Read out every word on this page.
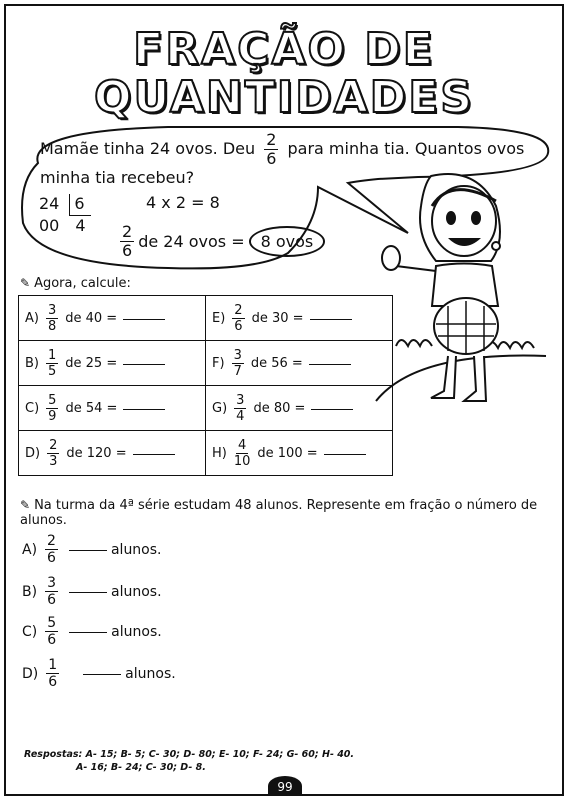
FRAÇÃO DE
QUANTIDADES
Mamãe tinha 24 ovos. Deu $\frac{2}{6}$ para minha tia. Quantos ovos
minha tia recebeu?
24 6
00	4
4 x 2 = 8
$\frac{2}{6}$ de 24 ovos =	8 ovos
✎ Agora, calcule:
$A) \frac{3}{8}$ de 40 =	$E) \frac{2}{6}$ de 30 =

$B) \frac{1}{5}$ de 25 =	$F) \frac{3}{7}$ de 56 =

$C) \frac{5}{9}$ de 54 =	$G) \frac{3}{4}$ de 80 =

$D) \frac{2}{3}$ de 120 =	$H) \frac{4}{10}$ de 100 =
✎ Na turma da 4ª série estudam 48 alunos. Represente em fração o número de alunos.
$A) \frac{2}{6}$	alunos.
$B) \frac{3}{6}$	alunos.
$C) \frac{5}{6}$	alunos.
$D) \frac{1}{6}$	alunos.
Respostas: A- 15; B- 5; C- 30; D- 80; E- 10; F- 24; G- 60; H- 40.
A- 16; B- 24; C- 30; D- 8.
99
